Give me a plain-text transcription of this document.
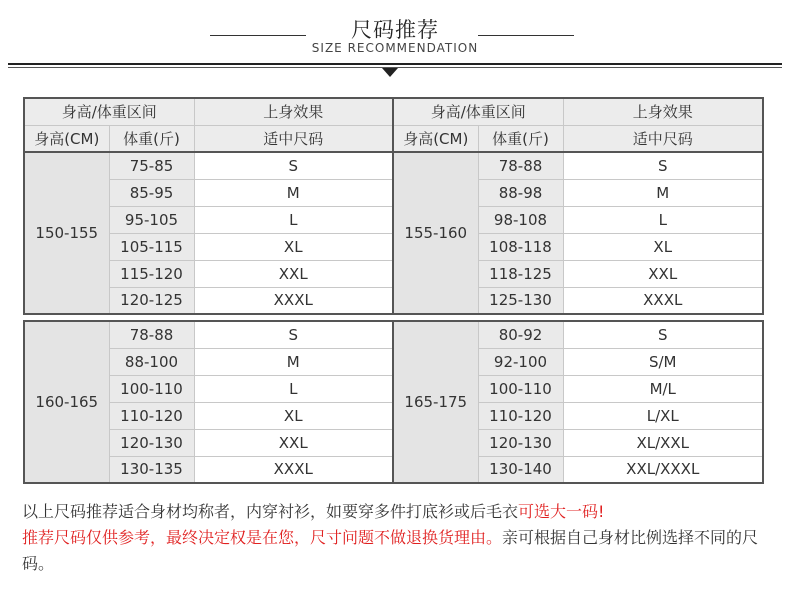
尺码推荐
SIZE RECOMMENDATION
身高/体重区间		上身效果	身高/体重区间		上身效果
身高(CM)	体重(斤)	适中尺码	身高(CM)	体重(斤)	适中尺码
150-155	75-85	S	155-160	78-88	S
	85-95	M		88-98	M
	95-105	L		98-108	L
	105-115	XL		108-118	XL
	115-120	XXL		118-125	XXL
	120-125	XXXL		125-130	XXXL
160-165	78-88	S	165-175	80-92	S
	88-100	M		92-100	S/M
	100-110	L		100-110	M/L
	110-120	XL		110-120	L/XL
	120-130	XXL		120-130	XL/XXL
	130-135	XXXL		130-140	XXL/XXXL
以上尺码推荐适合身材均称者，内穿衬衫，如要穿多件打底衫或后毛衣可选大一码!
推荐尺码仅供参考，最终决定权是在您，尺寸问题不做退换货理由。亲可根据自己身材比例选择不同的尺码。
